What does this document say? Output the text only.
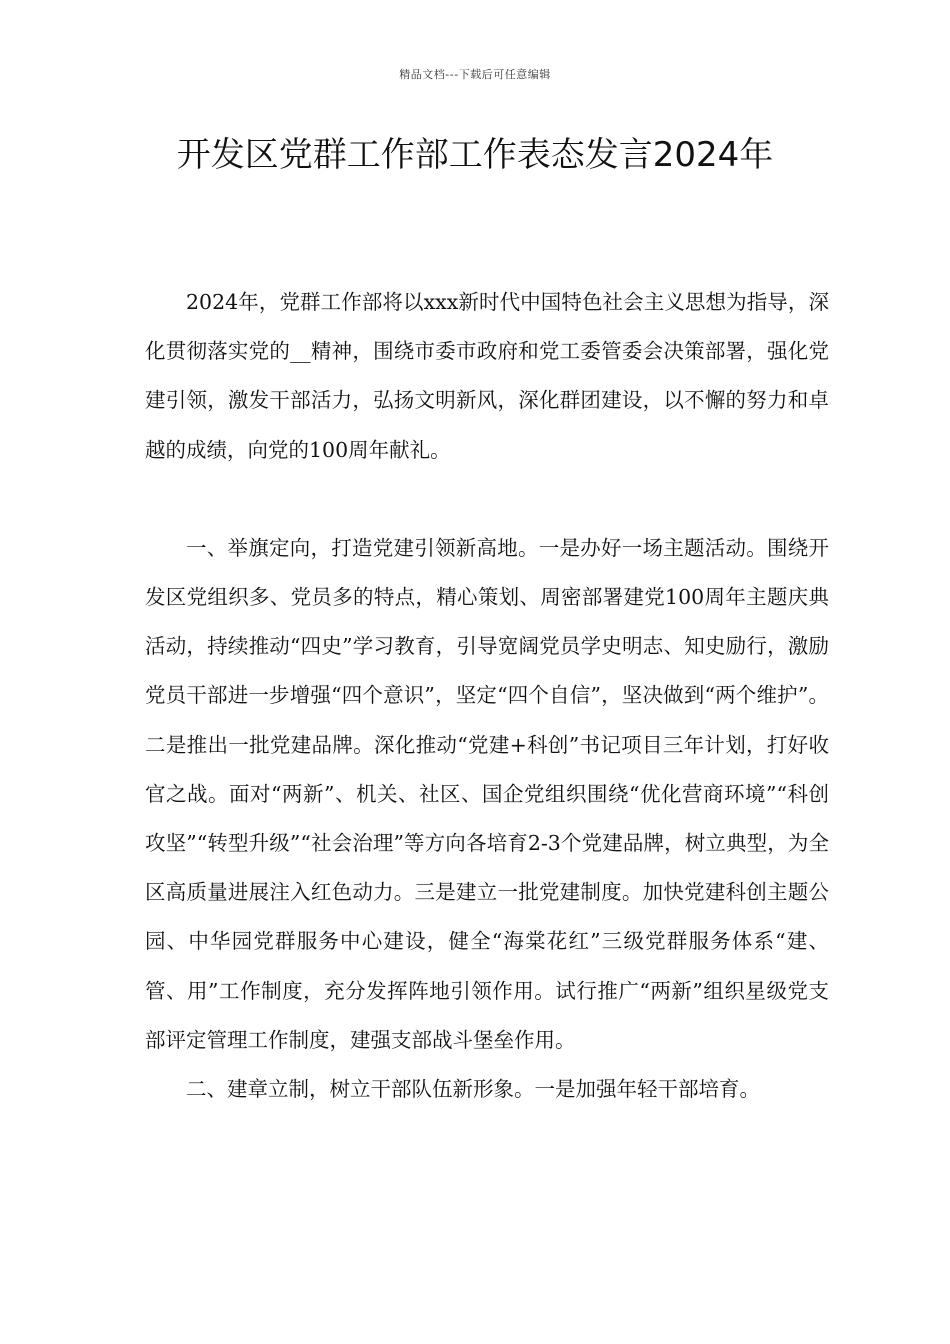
精品文档---下载后可任意编辑
开发区党群工作部工作表态发言2024年

2024年，党群工作部将以xxx新时代中国特色社会主义思想为指导，深化贯彻落实党的__精神，围绕市委市政府和党工委管委会决策部署，强化党建引领，激发干部活力，弘扬文明新风，深化群团建设，以不懈的努力和卓越的成绩，向党的100周年献礼。

一、举旗定向，打造党建引领新高地。一是办好一场主题活动。围绕开发区党组织多、党员多的特点，精心策划、周密部署建党100周年主题庆典活动，持续推动“四史”学习教育，引导宽阔党员学史明志、知史励行，激励党员干部进一步增强“四个意识”，坚定“四个自信”，坚决做到“两个维护”。二是推出一批党建品牌。深化推动“党建+科创”书记项目三年计划，打好收官之战。面对“两新”、机关、社区、国企党组织围绕“优化营商环境”“科创攻坚”“转型升级”“社会治理”等方向各培育2-3个党建品牌，树立典型，为全区高质量进展注入红色动力。三是建立一批党建制度。加快党建科创主题公园、中华园党群服务中心建设，健全“海棠花红”三级党群服务体系“建、管、用”工作制度，充分发挥阵地引领作用。试行推广“两新”组织星级党支部评定管理工作制度，建强支部战斗堡垒作用。

二、建章立制，树立干部队伍新形象。一是加强年轻干部培育。
